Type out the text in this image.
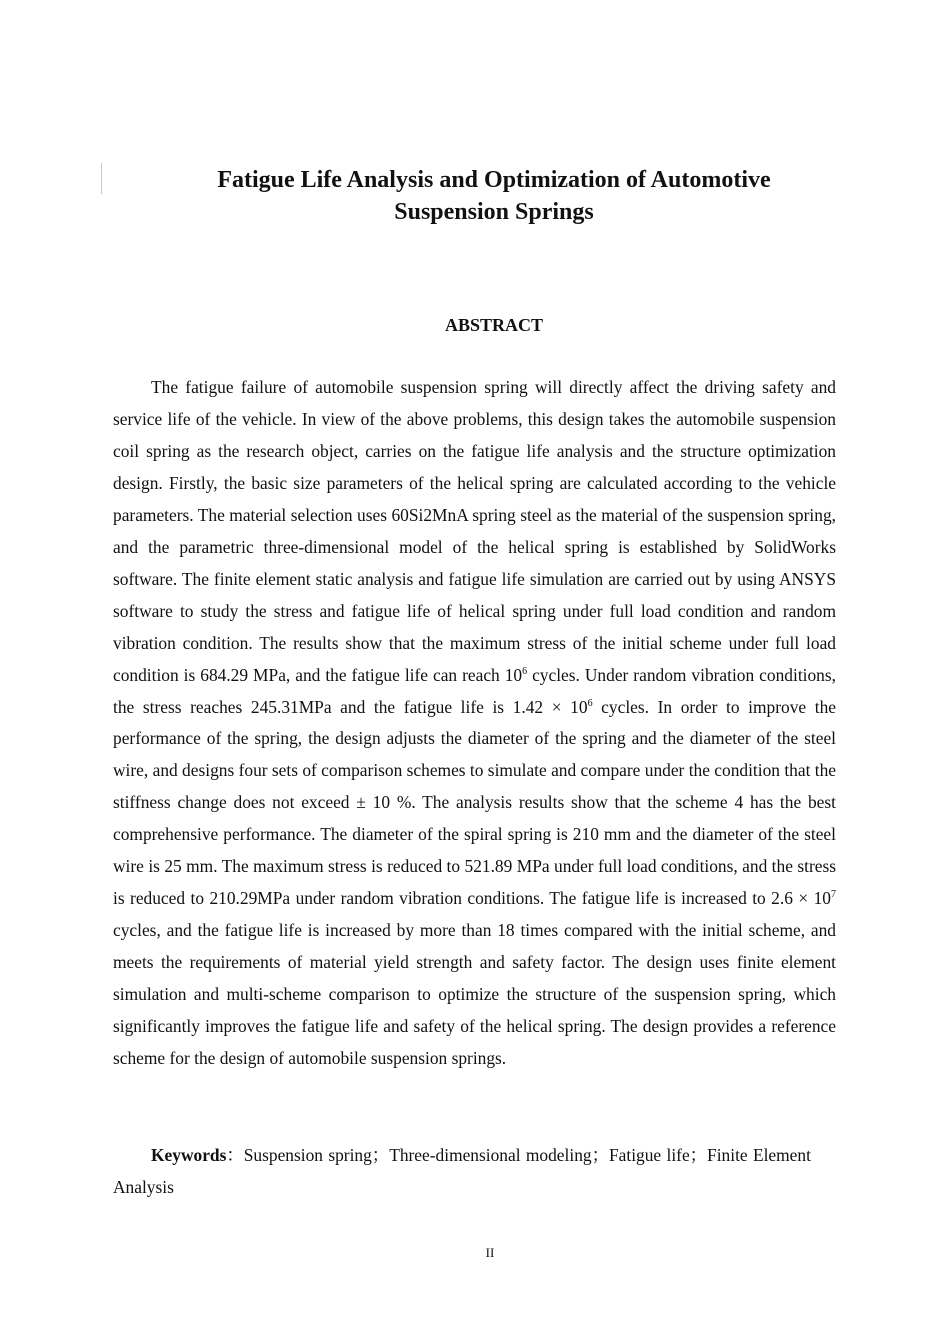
Fatigue Life Analysis and Optimization of Automotive
Suspension Springs
ABSTRACT

The fatigue failure of automobile suspension spring will directly affect the driving safety and service life of the vehicle. In view of the above problems, this design takes the automobile suspension coil spring as the research object, carries on the fatigue life analysis and the structure optimization design. Firstly, the basic size parameters of the helical spring are calculated according to the vehicle parameters. The material selection uses 60Si2MnA spring steel as the material of the suspension spring, and the parametric three-dimensional model of the helical spring is established by SolidWorks software. The finite element static analysis and fatigue life simulation are carried out by using ANSYS software to study the stress and fatigue life of helical spring under full load condition and random vibration condition. The results show that the maximum stress of the initial scheme under full load condition is 684.29 MPa, and the fatigue life can reach $10^6$ cycles. Under random vibration conditions, the stress reaches 245.31MPa and the fatigue life is $1.42 \times 10^6$ cycles. In order to improve the performance of the spring, the design adjusts the diameter of the spring and the diameter of the steel wire, and designs four sets of comparison schemes to simulate and compare under the condition that the stiffness change does not exceed ± 10 %. The analysis results show that the scheme 4 has the best comprehensive performance. The diameter of the spiral spring is 210 mm and the diameter of the steel wire is 25 mm. The maximum stress is reduced to 521.89 MPa under full load conditions, and the stress is reduced to 210.29MPa under random vibration conditions. The fatigue life is increased to $2.6 \times 10^7$ cycles, and the fatigue life is increased by more than 18 times compared with the initial scheme, and meets the requirements of material yield strength and safety factor. The design uses finite element simulation and multi-scheme comparison to optimize the structure of the suspension spring, which significantly improves the fatigue life and safety of the helical spring. The design provides a reference scheme for the design of automobile suspension springs.

Keywords：Suspension spring；Three-dimensional modeling；Fatigue life；Finite Element Analysis

II
